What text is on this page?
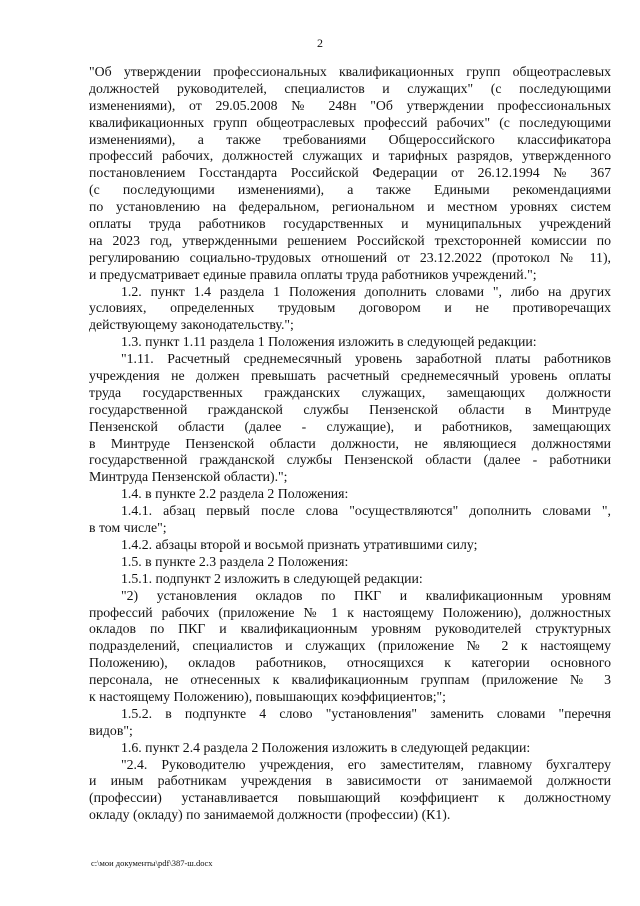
2
"Об утверждении профессиональных квалификационных групп общеотраслевых
должностей руководителей, специалистов и служащих" (с последующими
изменениями), от 29.05.2008 № 248н "Об утверждении профессиональных
квалификационных групп общеотраслевых профессий рабочих" (с последующими
изменениями), а также требованиями Общероссийского классификатора
профессий рабочих, должностей служащих и тарифных разрядов, утвержденного
постановлением Госстандарта Российской Федерации от 26.12.1994 № 367
(с последующими изменениями), а также Едиными рекомендациями
по установлению на федеральном, региональном и местном уровнях систем
оплаты труда работников государственных и муниципальных учреждений
на 2023 год, утвержденными решением Российской трехсторонней комиссии по
регулированию социально-трудовых отношений от 23.12.2022 (протокол № 11),
и предусматривает единые правила оплаты труда работников учреждений.";
1.2. пункт 1.4 раздела 1 Положения дополнить словами ", либо на других
условиях, определенных трудовым договором и не противоречащих
действующему законодательству.";
1.3. пункт 1.11 раздела 1 Положения изложить в следующей редакции:
"1.11. Расчетный среднемесячный уровень заработной платы работников
учреждения не должен превышать расчетный среднемесячный уровень оплаты
труда государственных гражданских служащих, замещающих должности
государственной гражданской службы Пензенской области в Минтруде
Пензенской области (далее - служащие), и работников, замещающих
в Минтруде Пензенской области должности, не являющиеся должностями
государственной гражданской службы Пензенской области (далее - работники
Минтруда Пензенской области).";
1.4. в пункте 2.2 раздела 2 Положения:
1.4.1. абзац первый после слова "осуществляются" дополнить словами ",
в том числе";
1.4.2. абзацы второй и восьмой признать утратившими силу;
1.5. в пункте 2.3 раздела 2 Положения:
1.5.1. подпункт 2 изложить в следующей редакции:
"2) установления окладов по ПКГ и квалификационным уровням
профессий рабочих (приложение № 1 к настоящему Положению), должностных
окладов по ПКГ и квалификационным уровням руководителей структурных
подразделений, специалистов и служащих (приложение № 2 к настоящему
Положению), окладов работников, относящихся к категории основного
персонала, не отнесенных к квалификационным группам (приложение № 3
к настоящему Положению), повышающих коэффициентов;";
1.5.2. в подпункте 4 слово "установления" заменить словами "перечня
видов";
1.6. пункт 2.4 раздела 2 Положения изложить в следующей редакции:
"2.4. Руководителю учреждения, его заместителям, главному бухгалтеру
и иным работникам учреждения в зависимости от занимаемой должности
(профессии) устанавливается повышающий коэффициент к должностному
окладу (окладу) по занимаемой должности (профессии) (К1).
c:\мои документы\pdf\387-ш.docx
